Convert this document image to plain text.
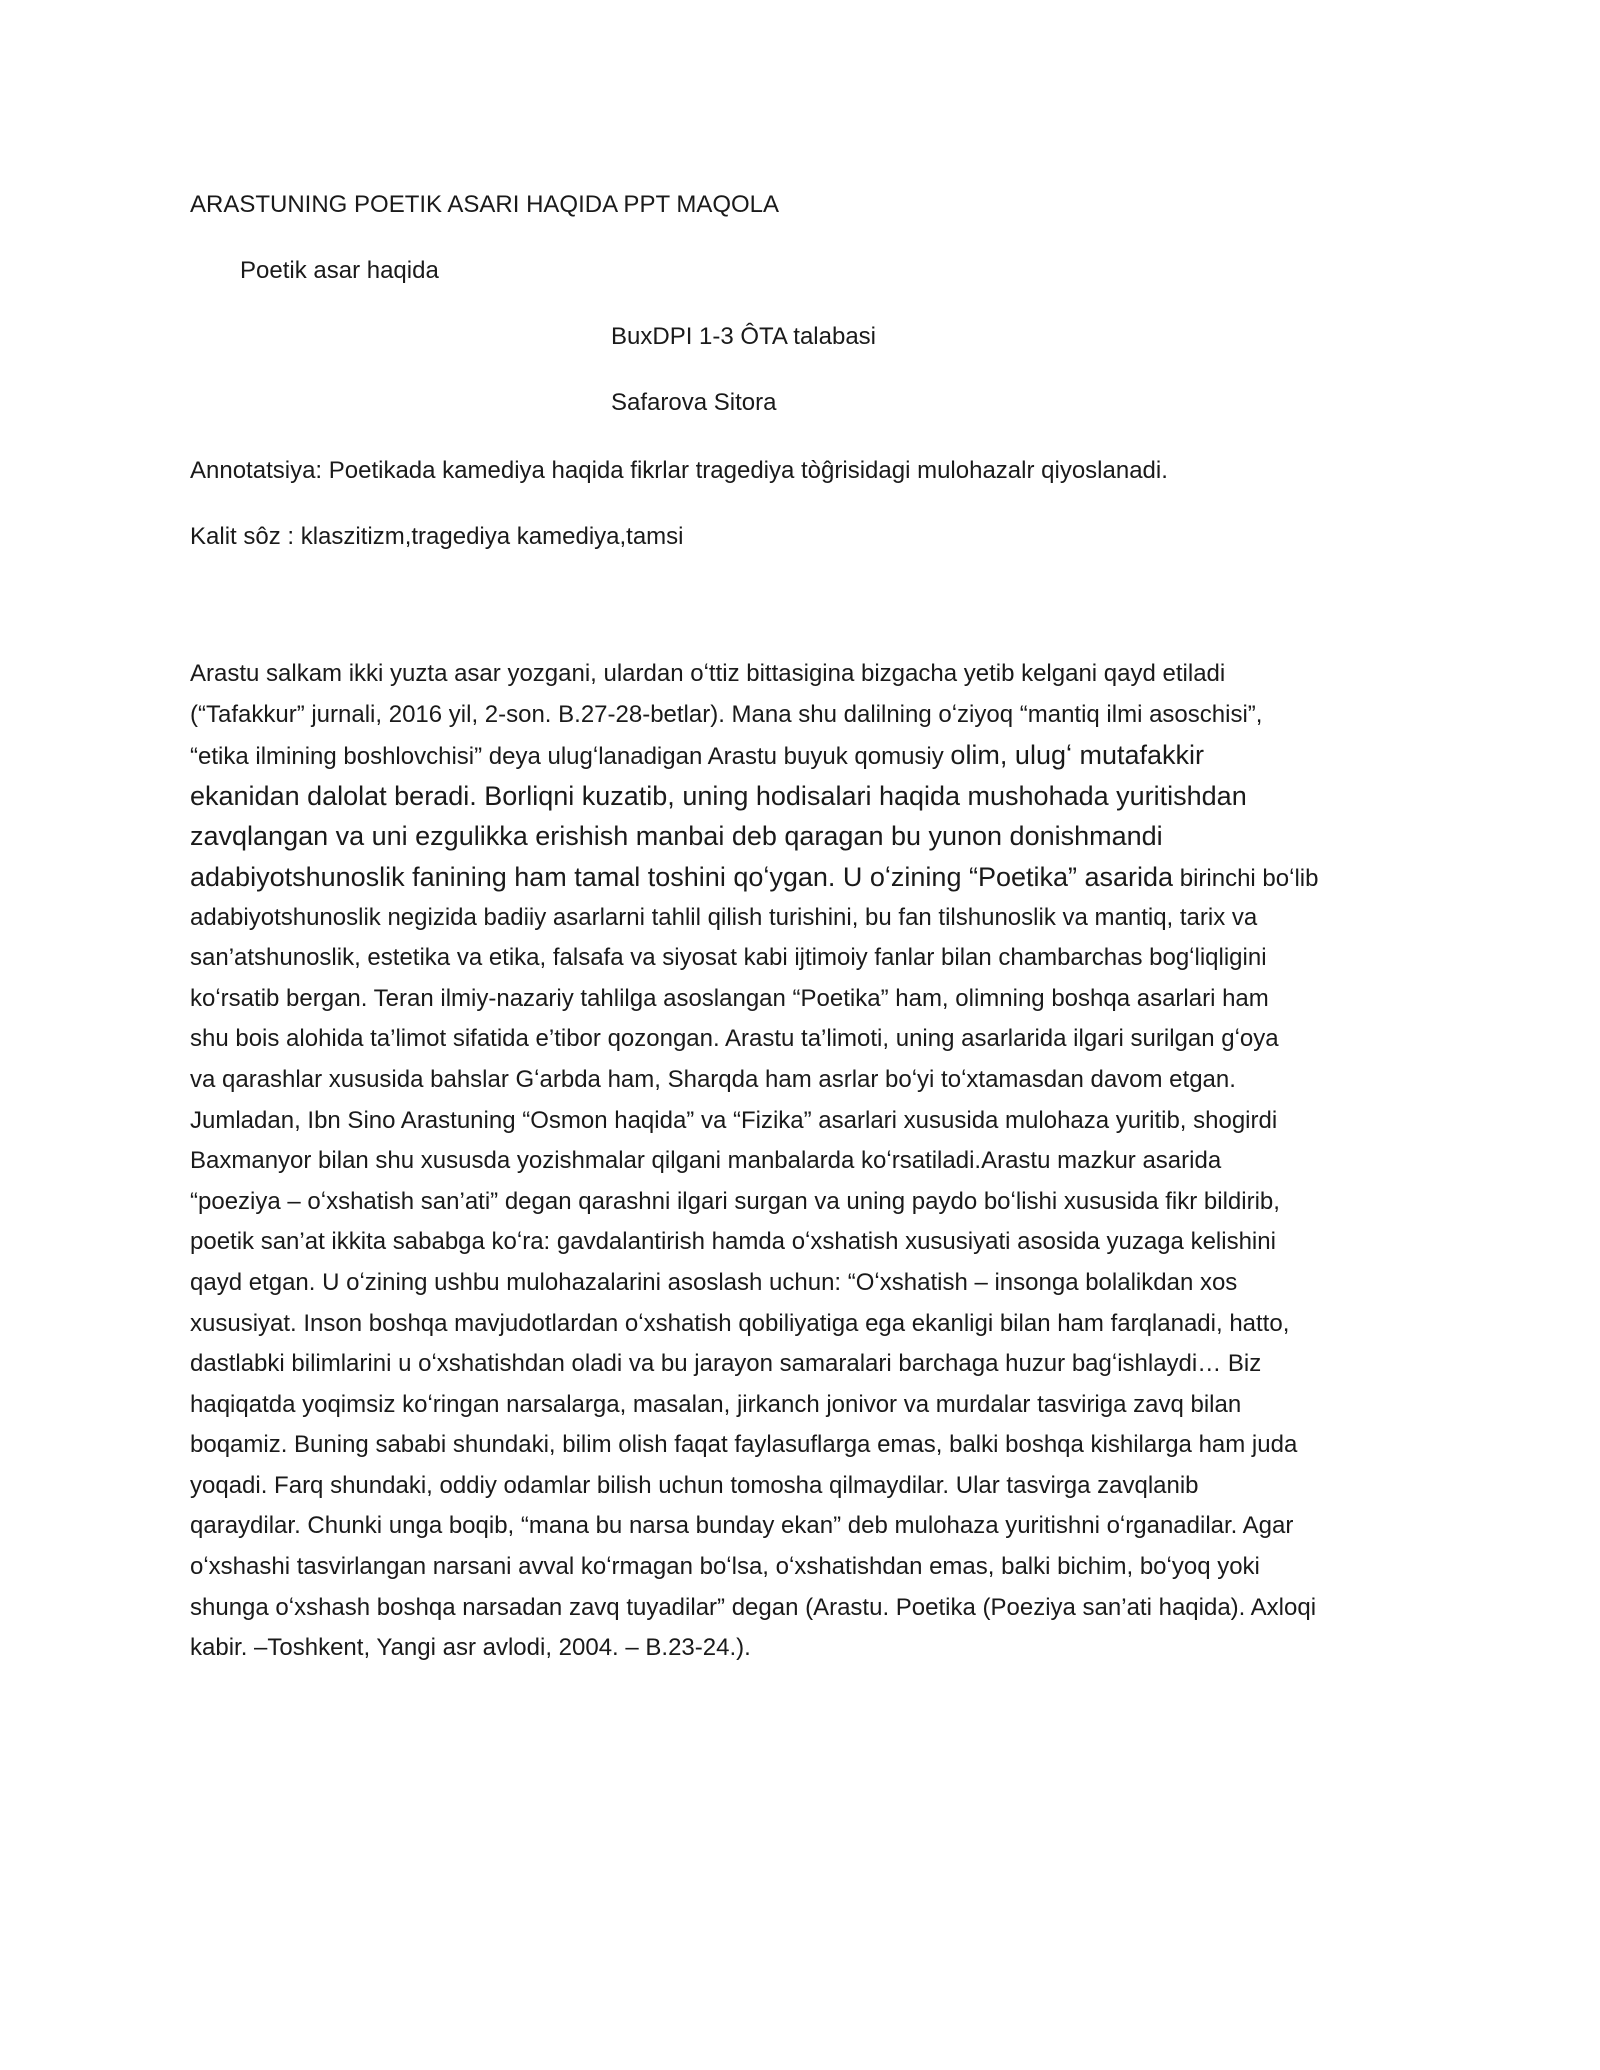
ARASTUNING POETIK ASARI HAQIDA PPT MAQOLA
Poetik asar haqida
BuxDPI 1-3 ÔTA talabasi
Safarova Sitora
Annotatsiya: Poetikada kamediya haqida fikrlar tragediya tòĝrisidagi mulohazalr qiyoslanadi.
Kalit sôz : klaszitizm,tragediya kamediya,tamsi
Arastu salkam ikki yuzta asar yozgani, ulardan oʻttiz bittasigina bizgacha yetib kelgani qayd etiladi
(“Tafakkur” jurnali, 2016 yil, 2-son. B.27-28-betlar). Mana shu dalilning oʻziyoq “mantiq ilmi asoschisi”,
“etika ilmining boshlovchisi” deya ulugʻlanadigan Arastu buyuk qomusiy olim, ulugʻ mutafakkir
ekanidan dalolat beradi. Borliqni kuzatib, uning hodisalari haqida mushohada yuritishdan
zavqlangan va uni ezgulikka erishish manbai deb qaragan bu yunon donishmandi
adabiyotshunoslik fanining ham tamal toshini qoʻygan. U oʻzining “Poetika” asarida birinchi boʻlib
adabiyotshunoslik negizida badiiy asarlarni tahlil qilish turishini, bu fan tilshunoslik va mantiq, tarix va
san’atshunoslik, estetika va etika, falsafa va siyosat kabi ijtimoiy fanlar bilan chambarchas bogʻliqligini
koʻrsatib bergan. Teran ilmiy-nazariy tahlilga asoslangan “Poetika” ham, olimning boshqa asarlari ham
shu bois alohida ta’limot sifatida e’tibor qozongan. Arastu ta’limoti, uning asarlarida ilgari surilgan gʻoya
va qarashlar xususida bahslar Gʻarbda ham, Sharqda ham asrlar boʻyi toʻxtamasdan davom etgan.
Jumladan, Ibn Sino Arastuning “Osmon haqida” va “Fizika” asarlari xususida mulohaza yuritib, shogirdi
Baxmanyor bilan shu xususda yozishmalar qilgani manbalarda koʻrsatiladi.Arastu mazkur asarida
“poeziya – oʻxshatish san’ati” degan qarashni ilgari surgan va uning paydo boʻlishi xususida fikr bildirib,
poetik san’at ikkita sababga koʻra: gavdalantirish hamda oʻxshatish xususiyati asosida yuzaga kelishini
qayd etgan. U oʻzining ushbu mulohazalarini asoslash uchun: “Oʻxshatish – insonga bolalikdan xos
xususiyat. Inson boshqa mavjudotlardan oʻxshatish qobiliyatiga ega ekanligi bilan ham farqlanadi, hatto,
dastlabki bilimlarini u oʻxshatishdan oladi va bu jarayon samaralari barchaga huzur bagʻishlaydi… Biz
haqiqatda yoqimsiz koʻringan narsalarga, masalan, jirkanch jonivor va murdalar tasviriga zavq bilan
boqamiz. Buning sababi shundaki, bilim olish faqat faylasuflarga emas, balki boshqa kishilarga ham juda
yoqadi. Farq shundaki, oddiy odamlar bilish uchun tomosha qilmaydilar. Ular tasvirga zavqlanib
qaraydilar. Chunki unga boqib, “mana bu narsa bunday ekan” deb mulohaza yuritishni oʻrganadilar. Agar
oʻxshashi tasvirlangan narsani avval koʻrmagan boʻlsa, oʻxshatishdan emas, balki bichim, boʻyoq yoki
shunga oʻxshash boshqa narsadan zavq tuyadilar” degan (Arastu. Poetika (Poeziya san’ati haqida). Axloqi
kabir. –Toshkent, Yangi asr avlodi, 2004. – B.23-24.).
